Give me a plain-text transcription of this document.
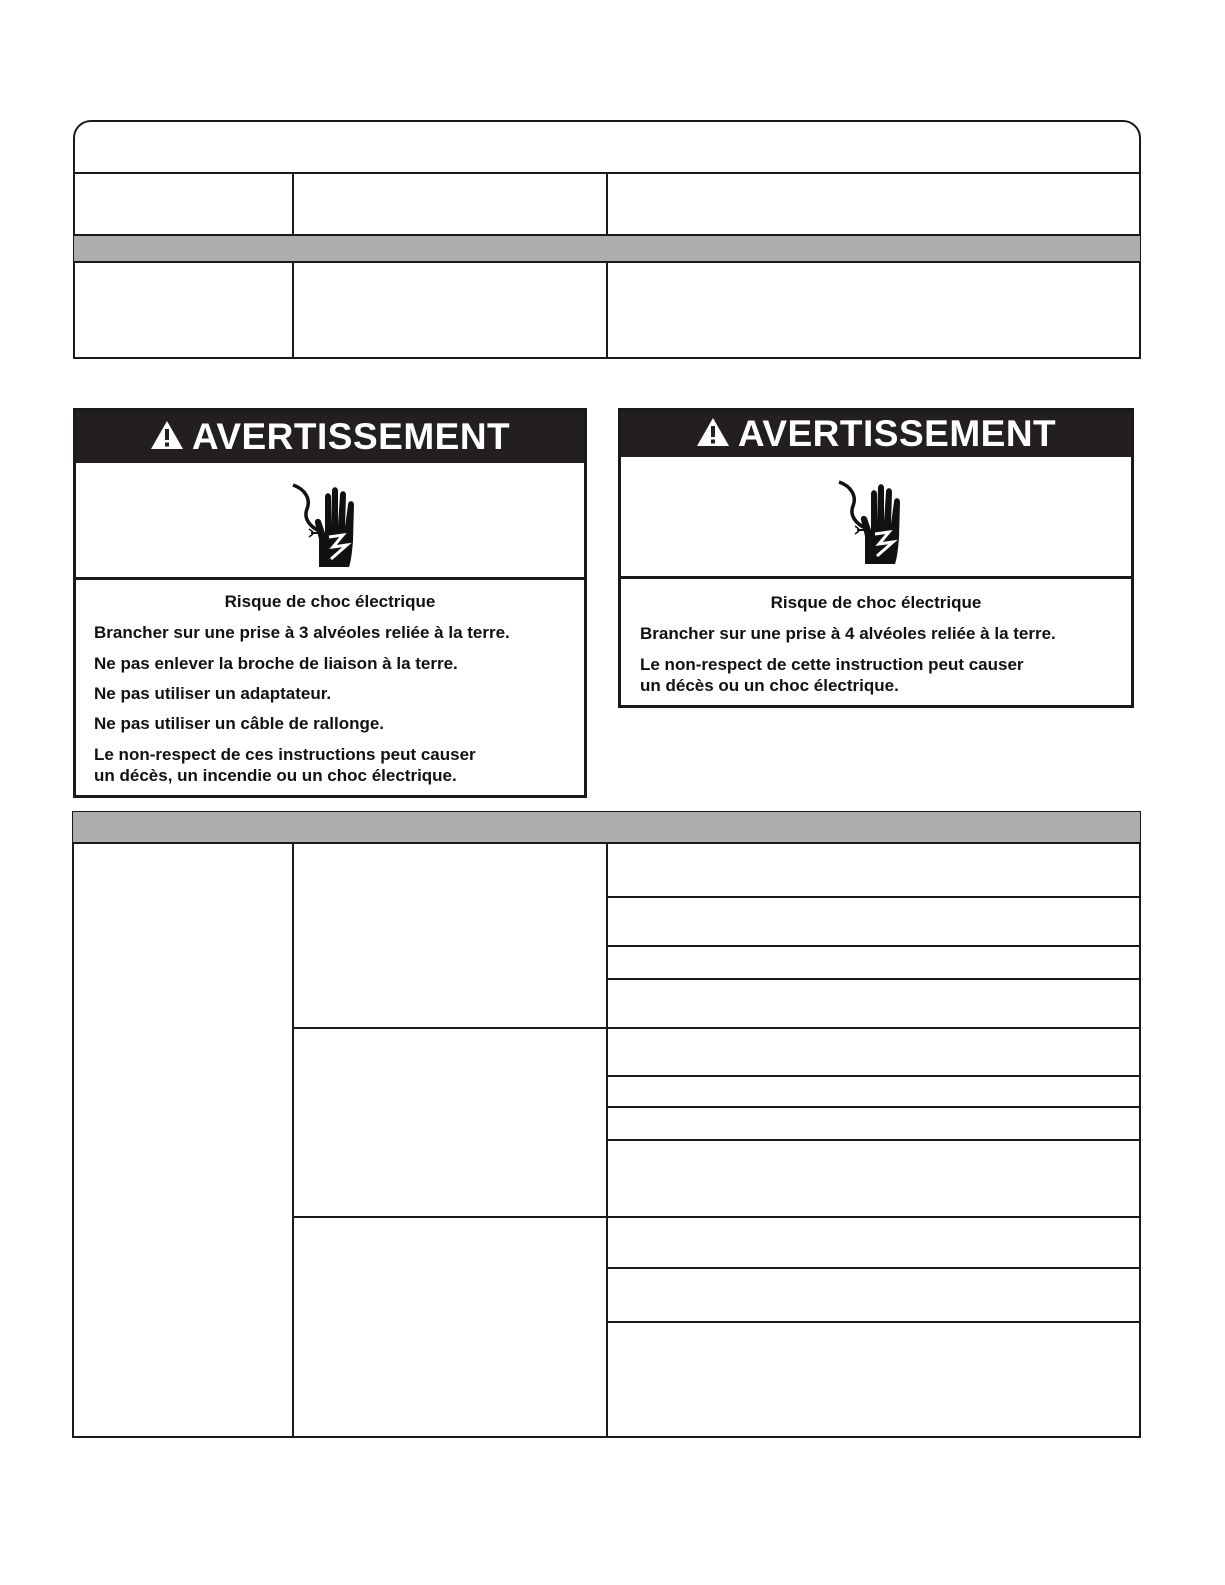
AVERTISSEMENT
Risque de choc électrique
Brancher sur une prise à 3 alvéoles reliée à la terre.
Ne pas enlever la broche de liaison à la terre.
Ne pas utiliser un adaptateur.
Ne pas utiliser un câble de rallonge.
Le non-respect de ces instructions peut causer
un décès, un incendie ou un choc électrique.
AVERTISSEMENT
Risque de choc électrique
Brancher sur une prise à 4 alvéoles reliée à la terre.
Le non-respect de cette instruction peut causer
un décès ou un choc électrique.
